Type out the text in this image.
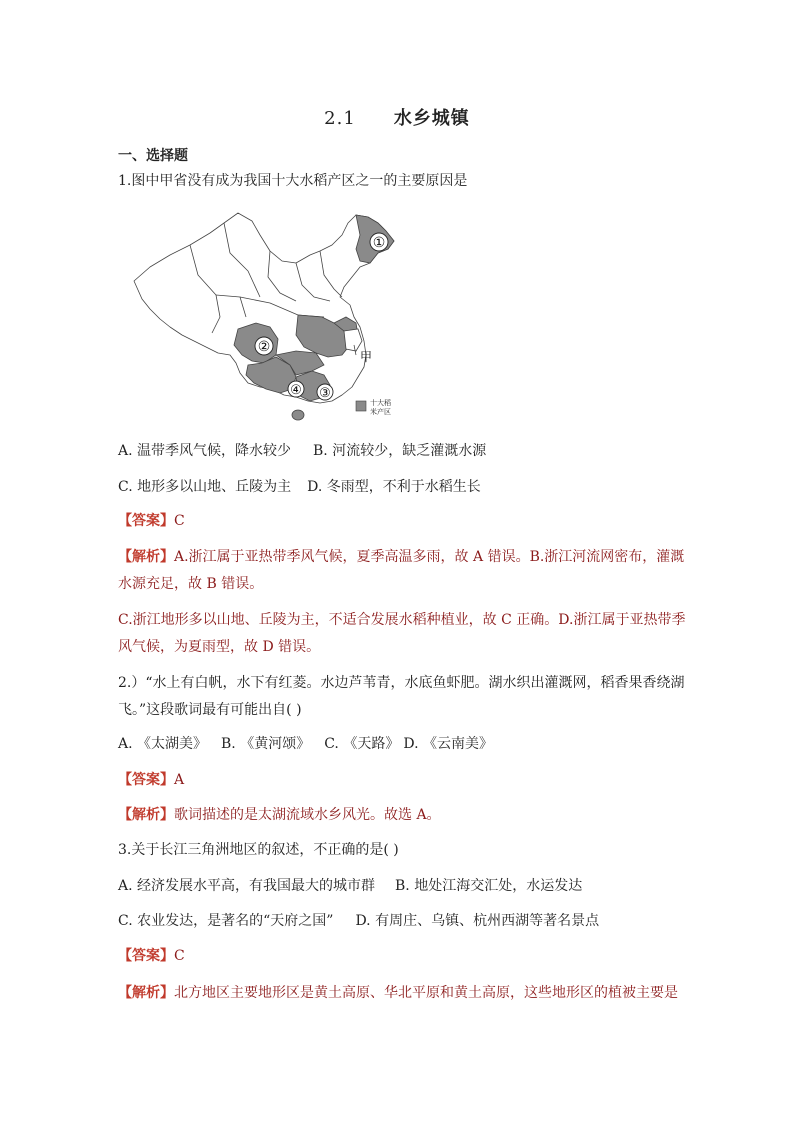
2.1 水乡城镇
一、选择题
1.图中甲省没有成为我国十大水稻产区之一的主要原因是
①
②
④ ③
甲
十大稻
米产区
A. 温带季风气候，降水较少 B. 河流较少，缺乏灌溉水源
C. 地形多以山地、丘陵为主 D. 冬雨型，不利于水稻生长
【答案】C
【解析】A.浙江属于亚热带季风气候，夏季高温多雨，故 A 错误。B.浙江河流网密布，灌溉
水源充足，故 B 错误。
C.浙江地形多以山地、丘陵为主，不适合发展水稻种植业，故 C 正确。D.浙江属于亚热带季
风气候，为夏雨型，故 D 错误。
2.）“水上有白帆，水下有红菱。水边芦苇青，水底鱼虾肥。湖水织出灌溉网，稻香果香绕湖
飞。”这段歌词最有可能出自( )
A. 《太湖美》 B. 《黄河颂》 C. 《天路》 D. 《云南美》
【答案】A
【解析】歌词描述的是太湖流域水乡风光。故选 A。
3.关于长江三角洲地区的叙述，不正确的是( )
A. 经济发展水平高，有我国最大的城市群 B. 地处江海交汇处，水运发达
C. 农业发达，是著名的“天府之国” D. 有周庄、乌镇、杭州西湖等著名景点
【答案】C
【解析】北方地区主要地形区是黄土高原、华北平原和黄土高原，这些地形区的植被主要是
